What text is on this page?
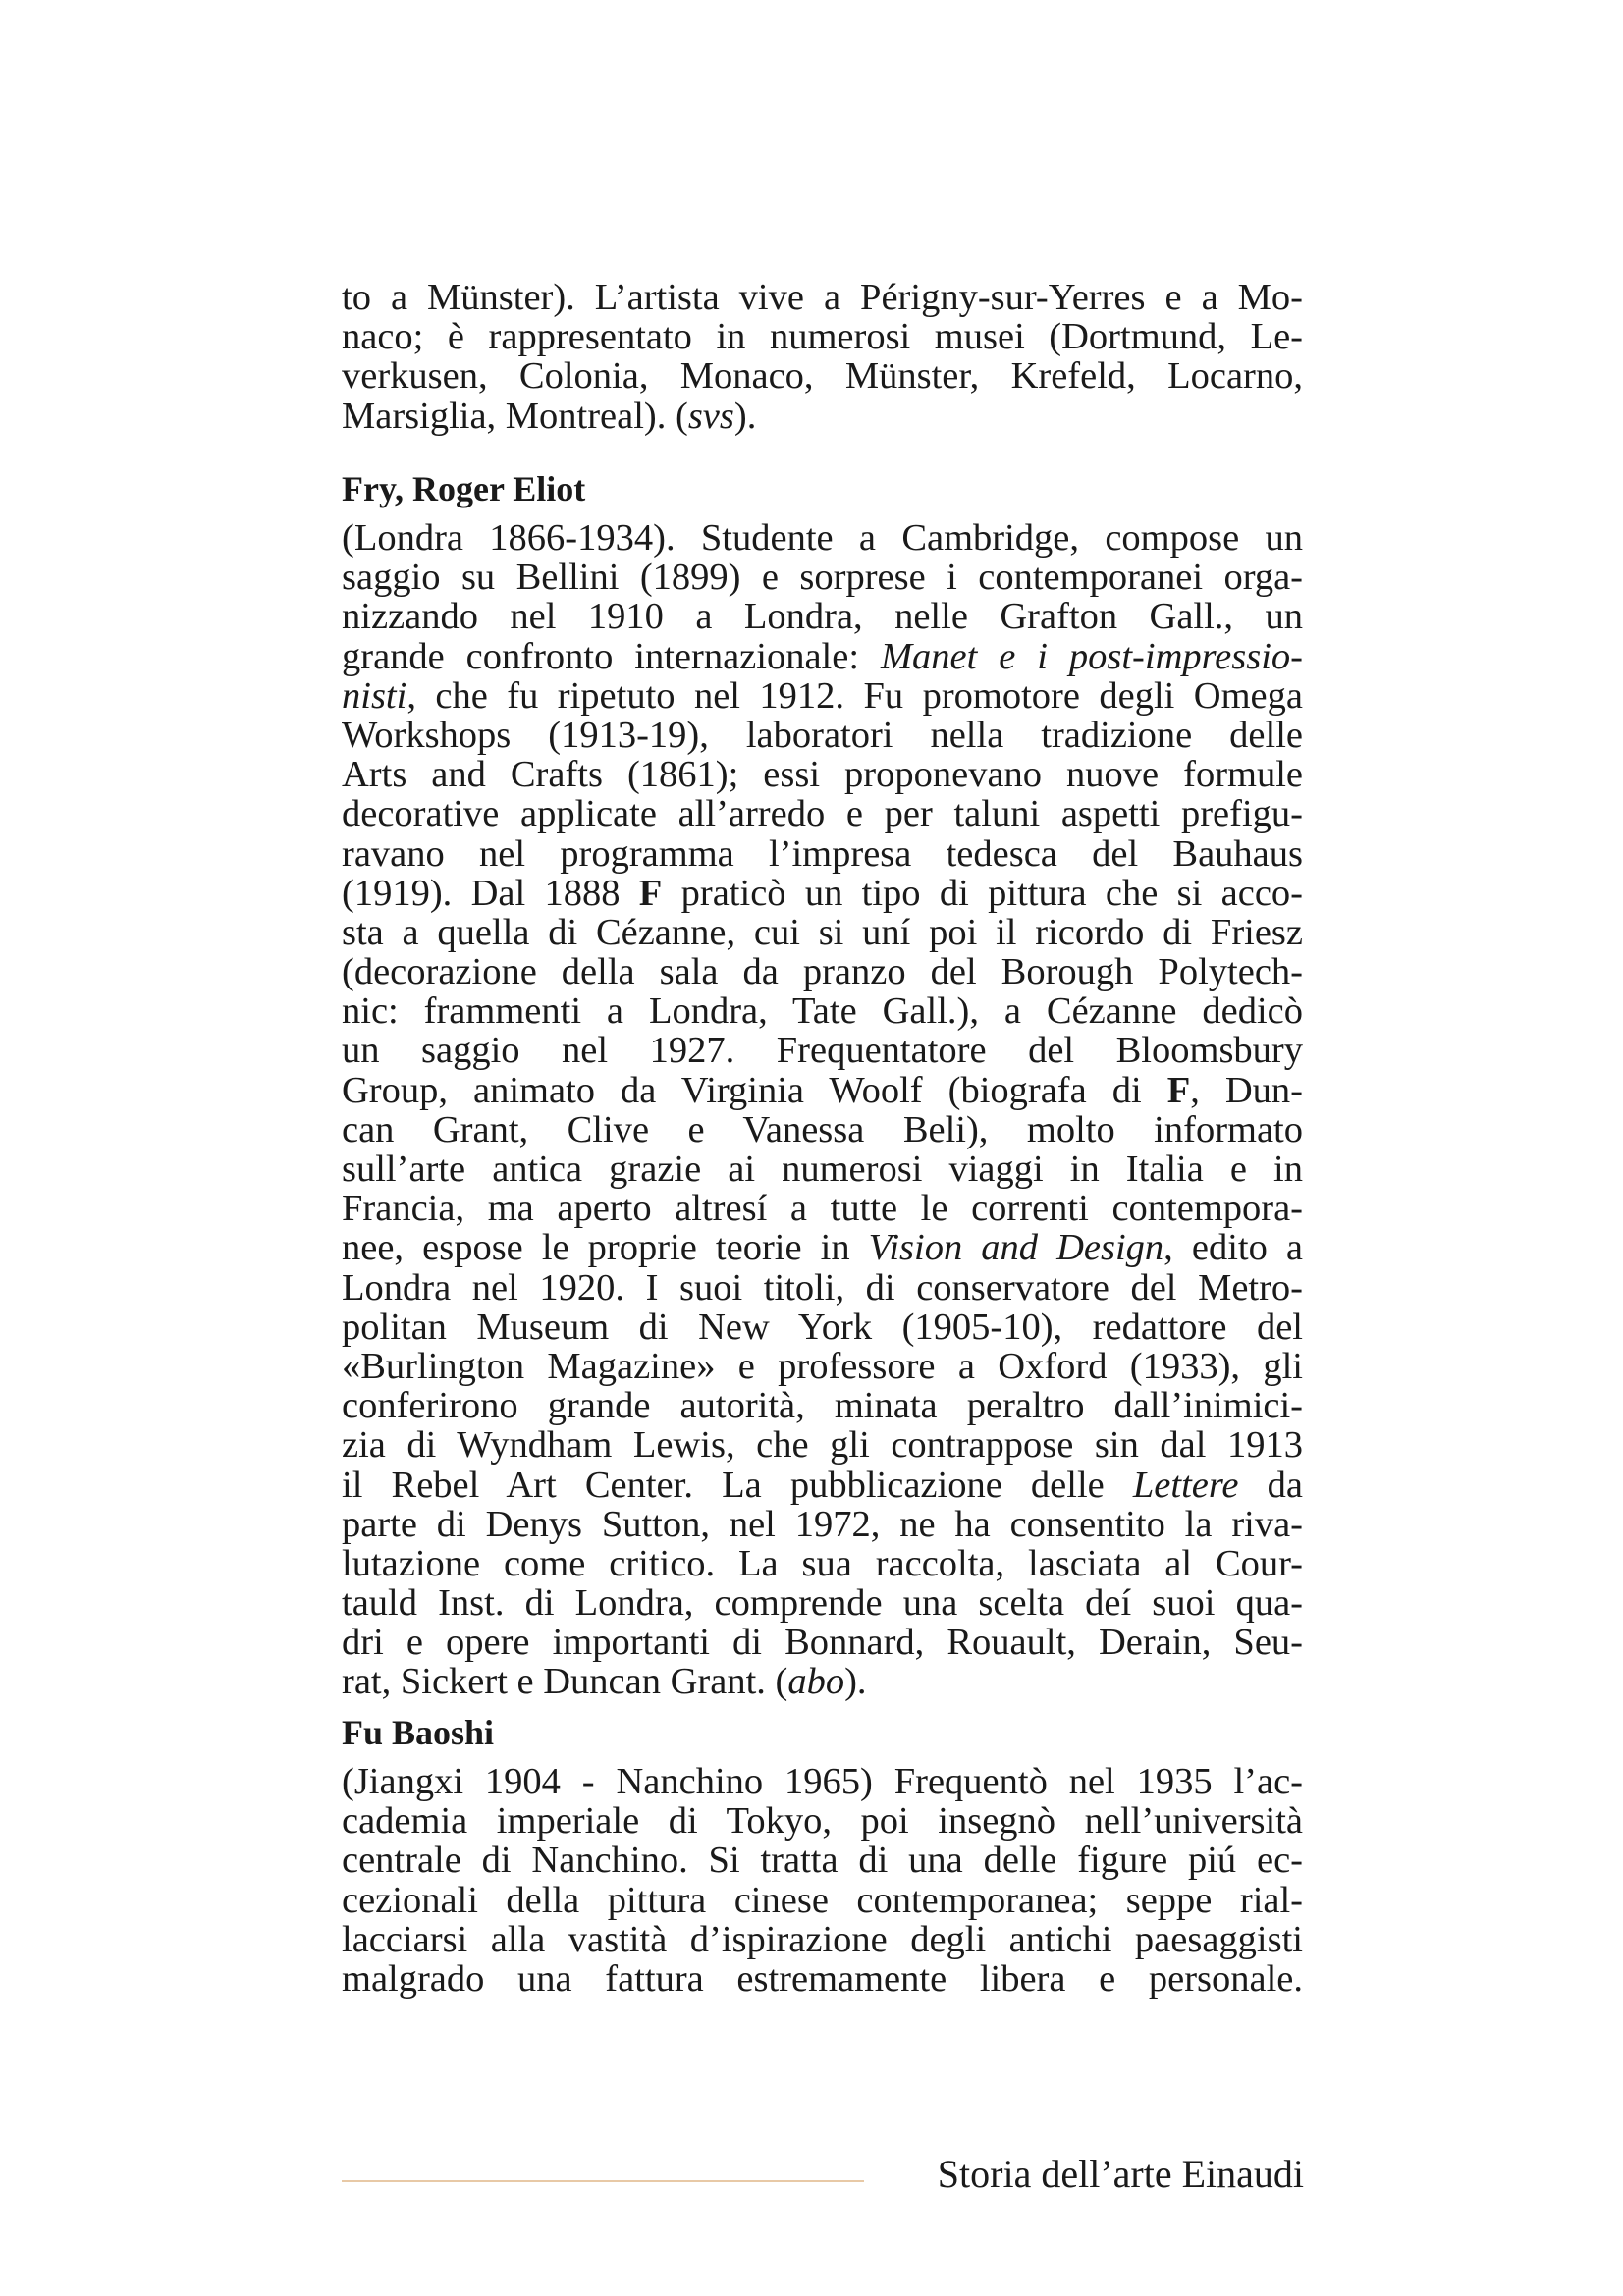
to a Münster). L’artista vive a Périgny-sur-Yerres e a Mo-
naco; è rappresentato in numerosi musei (Dortmund, Le-
verkusen, Colonia, Monaco, Münster, Krefeld, Locarno,
Marsiglia, Montreal). (svs).
Fry, Roger Eliot
(Londra 1866-1934). Studente a Cambridge, compose un
saggio su Bellini (1899) e sorprese i contemporanei orga-
nizzando nel 1910 a Londra, nelle Grafton Gall., un
grande confronto internazionale: Manet e i post-impressio-
nisti, che fu ripetuto nel 1912. Fu promotore degli Omega
Workshops (1913-19), laboratori nella tradizione delle
Arts and Crafts (1861); essi proponevano nuove formule
decorative applicate all’arredo e per taluni aspetti prefigu-
ravano nel programma l’impresa tedesca del Bauhaus
(1919). Dal 1888 F praticò un tipo di pittura che si acco-
sta a quella di Cézanne, cui si uní poi il ricordo di Friesz
(decorazione della sala da pranzo del Borough Polytech-
nic: frammenti a Londra, Tate Gall.), a Cézanne dedicò
un saggio nel 1927. Frequentatore del Bloomsbury
Group, animato da Virginia Woolf (biografa di F, Dun-
can Grant, Clive e Vanessa Beli), molto informato
sull’arte antica grazie ai numerosi viaggi in Italia e in
Francia, ma aperto altresí a tutte le correnti contempora-
nee, espose le proprie teorie in Vision and Design, edito a
Londra nel 1920. I suoi titoli, di conservatore del Metro-
politan Museum di New York (1905-10), redattore del
«Burlington Magazine» e professore a Oxford (1933), gli
conferirono grande autorità, minata peraltro dall’inimici-
zia di Wyndham Lewis, che gli contrappose sin dal 1913
il Rebel Art Center. La pubblicazione delle Lettere da
parte di Denys Sutton, nel 1972, ne ha consentito la riva-
lutazione come critico. La sua raccolta, lasciata al Cour-
tauld Inst. di Londra, comprende una scelta deí suoi qua-
dri e opere importanti di Bonnard, Rouault, Derain, Seu-
rat, Sickert e Duncan Grant. (abo).
Fu Baoshi
(Jiangxi 1904 - Nanchino 1965) Frequentò nel 1935 l’ac-
cademia imperiale di Tokyo, poi insegnò nell’università
centrale di Nanchino. Si tratta di una delle figure piú ec-
cezionali della pittura cinese contemporanea; seppe rial-
lacciarsi alla vastità d’ispirazione degli antichi paesaggisti
malgrado una fattura estremamente libera e personale.
Storia dell’arte Einaudi
